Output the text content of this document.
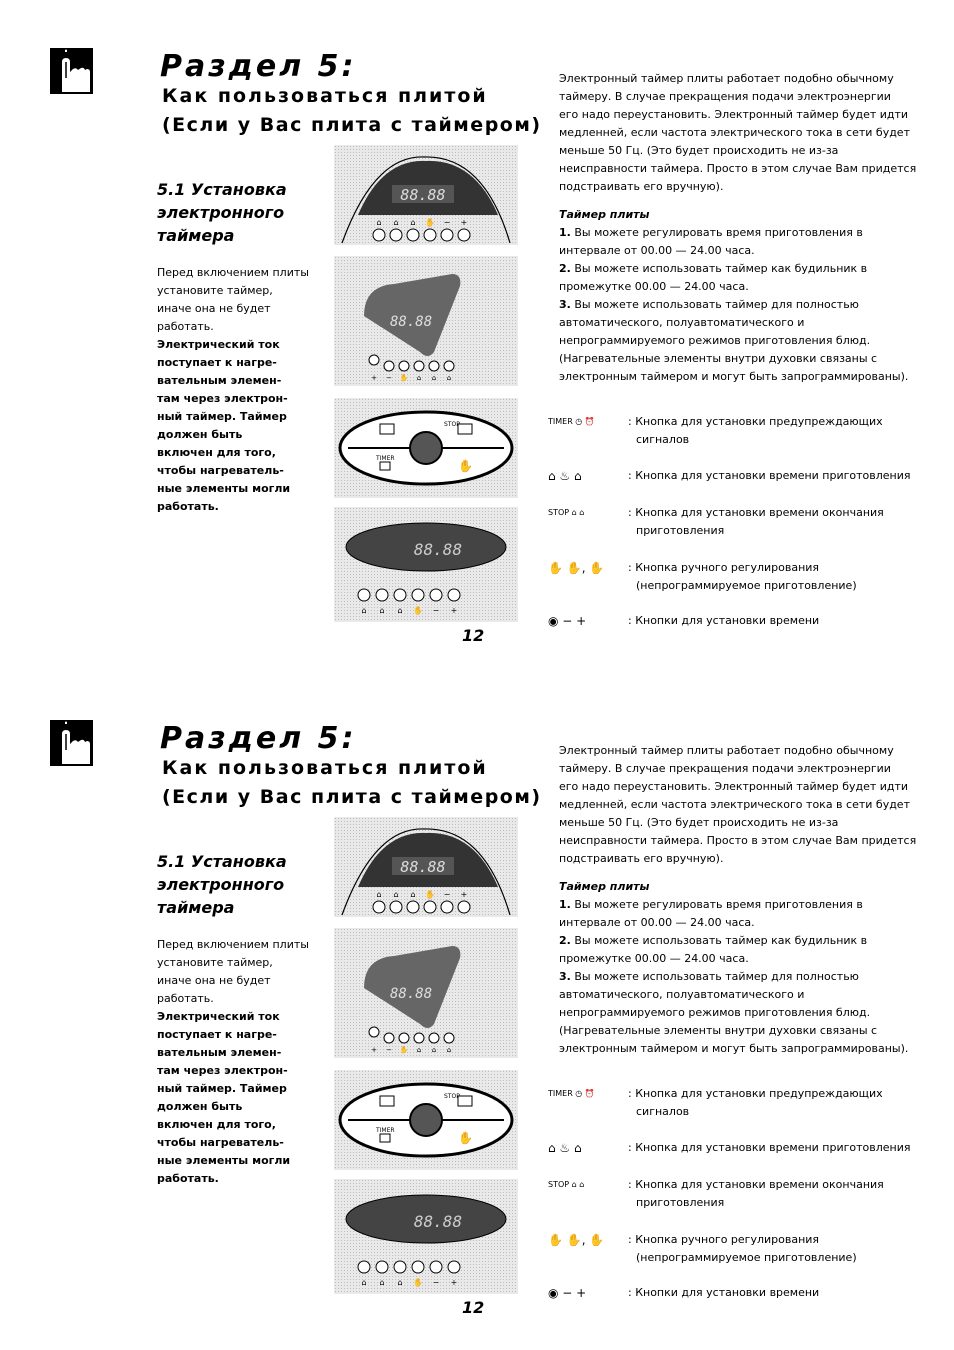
Раздел 5:
Как пользоваться плитой
(Если у Вас плита с таймером)
5.1 Установка
электронного
таймера
Перед включением плиты
установите таймер,
иначе она не будет
работать.
Электрический ток
поступает к нагре-
вательным элемен-
там через электрон-
ный таймер. Таймер
должен быть
включен для того,
чтобы нагреватель-
ные элементы могли
работать.
88.88
⌂ ⌂ ⌂ ✋ − +
88.88
+ − ✋ ⌂ ⌂ ⌂
STOP
TIMER
✋
88.88
⌂ ⌂ ⌂ ✋ − +

12

Электронный таймер плиты работает подобно обычному
таймеру. В случае прекращения подачи электроэнергии
его надо переустановить. Электронный таймер будет идти
медленней, если частота электрического тока в сети будет
меньше 50 Гц. (Это будет происходить не из-за
неисправности таймера. Просто в этом случае Вам придется
подстраивать его вручную).

Таймер плиты

1. Вы можете регулировать время приготовления в
интервале от 00.00 — 24.00 часа.

2. Вы можете использовать таймер как будильник в
промежутке 00.00 — 24.00 часа.

3. Вы можете использовать таймер для полностью
автоматического, полуавтоматического и
непрограммируемого режимов приготовления блюд.
(Нагревательные элементы внутри духовки связаны с
электронным таймером и могут быть запрограммированы).

TIMER ◷ ⏰	: Кнопка для установки предупреждающих
сигналов
⌂ ♨ ⌂	: Кнопка для установки времени приготовления
STOP ⌂ ⌂	: Кнопка для установки времени окончания
приготовления
✋ ✋, ✋	: Кнопка ручного регулирования
(непрограммируемое приготовление)
◉ − +	: Кнопки для установки времени
Раздел 5:
Как пользоваться плитой
(Если у Вас плита с таймером)
5.1 Установка
электронного
таймера
Перед включением плиты
установите таймер,
иначе она не будет
работать.
Электрический ток
поступает к нагре-
вательным элемен-
там через электрон-
ный таймер. Таймер
должен быть
включен для того,
чтобы нагреватель-
ные элементы могли
работать.
88.88
⌂ ⌂ ⌂ ✋ − +
88.88
+ − ✋ ⌂ ⌂ ⌂
STOP
TIMER
✋
88.88
⌂ ⌂ ⌂ ✋ − +

12

Электронный таймер плиты работает подобно обычному
таймеру. В случае прекращения подачи электроэнергии
его надо переустановить. Электронный таймер будет идти
медленней, если частота электрического тока в сети будет
меньше 50 Гц. (Это будет происходить не из-за
неисправности таймера. Просто в этом случае Вам придется
подстраивать его вручную).

Таймер плиты

1. Вы можете регулировать время приготовления в
интервале от 00.00 — 24.00 часа.

2. Вы можете использовать таймер как будильник в
промежутке 00.00 — 24.00 часа.

3. Вы можете использовать таймер для полностью
автоматического, полуавтоматического и
непрограммируемого режимов приготовления блюд.
(Нагревательные элементы внутри духовки связаны с
электронным таймером и могут быть запрограммированы).

TIMER ◷ ⏰	: Кнопка для установки предупреждающих
сигналов
⌂ ♨ ⌂	: Кнопка для установки времени приготовления
STOP ⌂ ⌂	: Кнопка для установки времени окончания
приготовления
✋ ✋, ✋	: Кнопка ручного регулирования
(непрограммируемое приготовление)
◉ − +	: Кнопки для установки времени
